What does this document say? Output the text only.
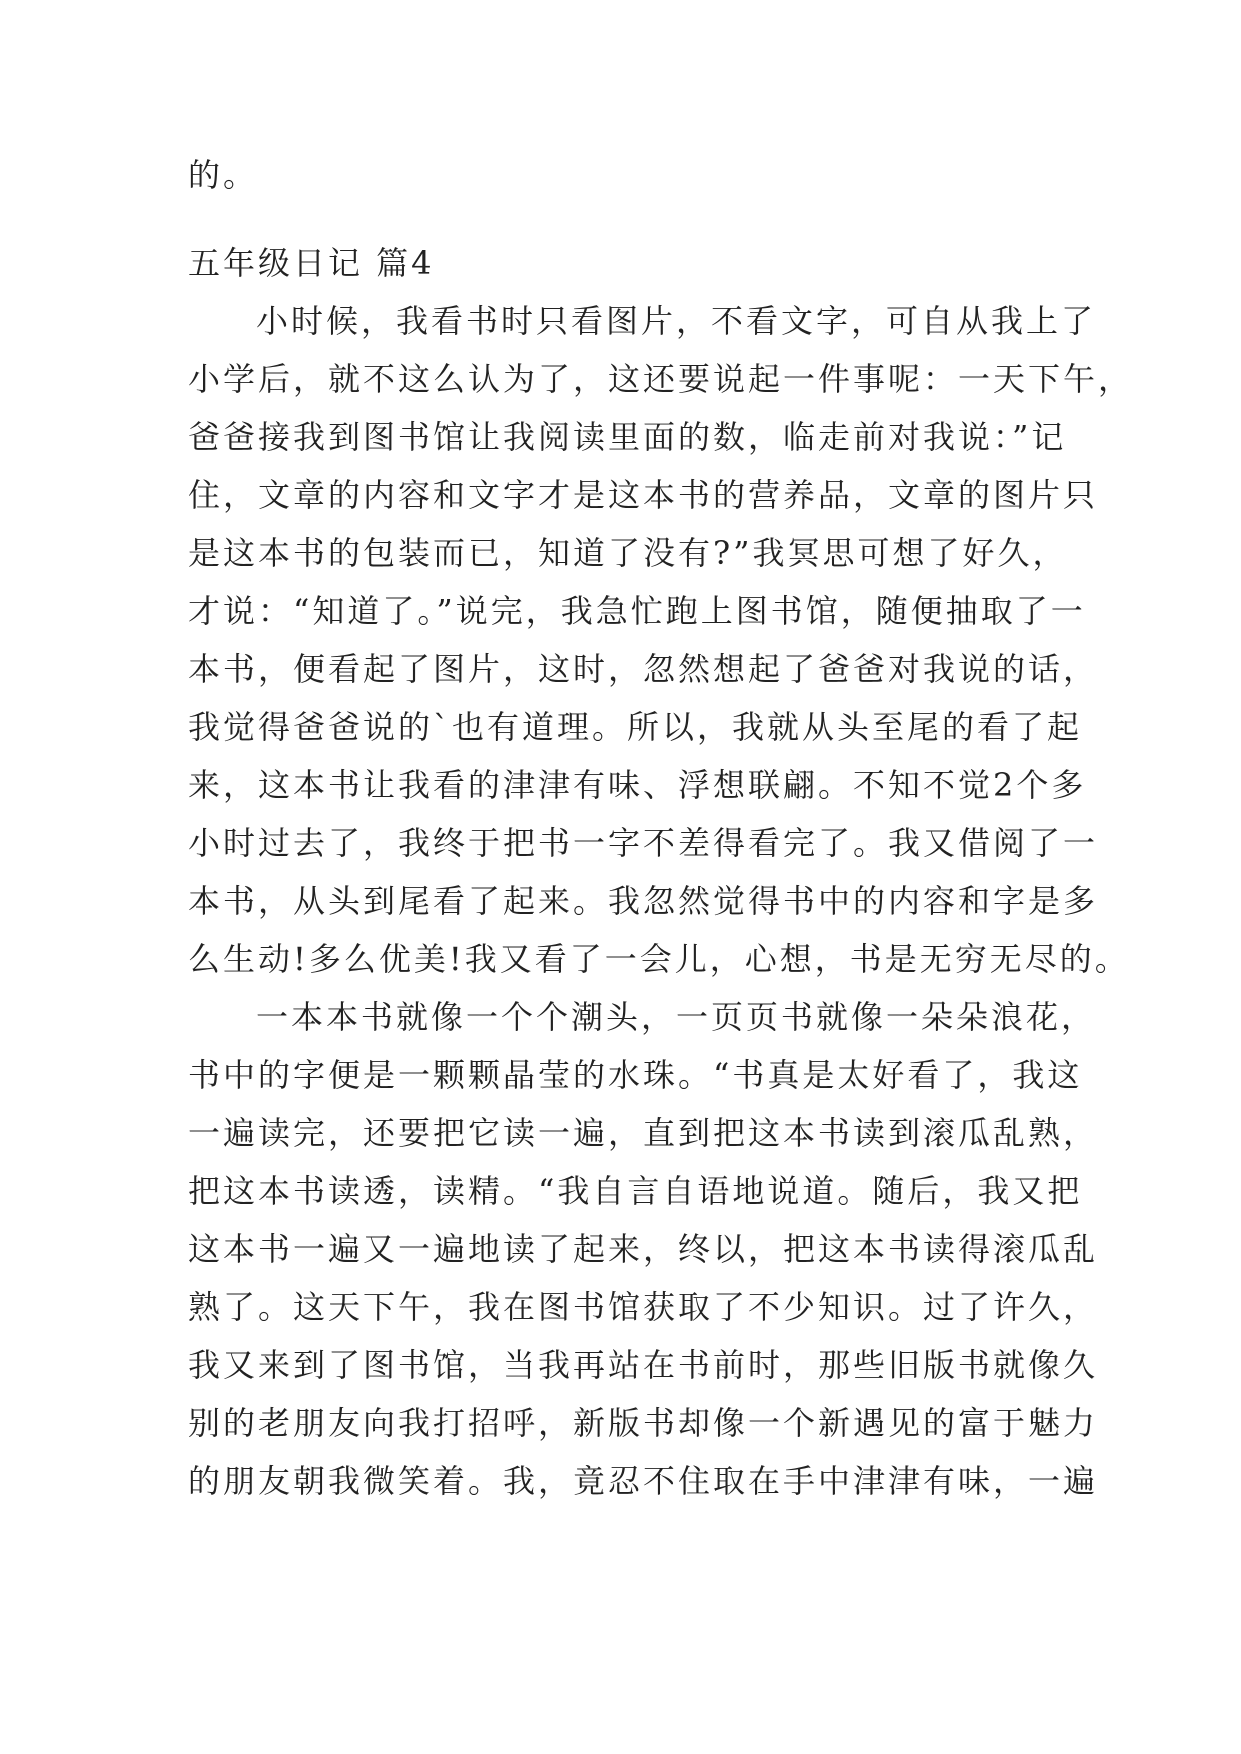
的。
五年级日记 篇4
小时候，我看书时只看图片，不看文字，可自从我上了
小学后，就不这么认为了，这还要说起一件事呢：一天下午，
爸爸接我到图书馆让我阅读里面的数，临走前对我说：”记
住，文章的内容和文字才是这本书的营养品，文章的图片只
是这本书的包装而已，知道了没有?”我冥思可想了好久，
才说：“知道了。”说完，我急忙跑上图书馆，随便抽取了一
本书，便看起了图片，这时，忽然想起了爸爸对我说的话，
我觉得爸爸说的`也有道理。所以，我就从头至尾的看了起
来，这本书让我看的津津有味、浮想联翩。不知不觉2个多
小时过去了，我终于把书一字不差得看完了。我又借阅了一
本书，从头到尾看了起来。我忽然觉得书中的内容和字是多
么生动!多么优美!我又看了一会儿，心想，书是无穷无尽的。
一本本书就像一个个潮头，一页页书就像一朵朵浪花，
书中的字便是一颗颗晶莹的水珠。“书真是太好看了，我这
一遍读完，还要把它读一遍，直到把这本书读到滚瓜乱熟，
把这本书读透，读精。“我自言自语地说道。随后，我又把
这本书一遍又一遍地读了起来，终以，把这本书读得滚瓜乱
熟了。这天下午，我在图书馆获取了不少知识。过了许久，
我又来到了图书馆，当我再站在书前时，那些旧版书就像久
别的老朋友向我打招呼，新版书却像一个新遇见的富于魅力
的朋友朝我微笑着。我，竟忍不住取在手中津津有味，一遍
